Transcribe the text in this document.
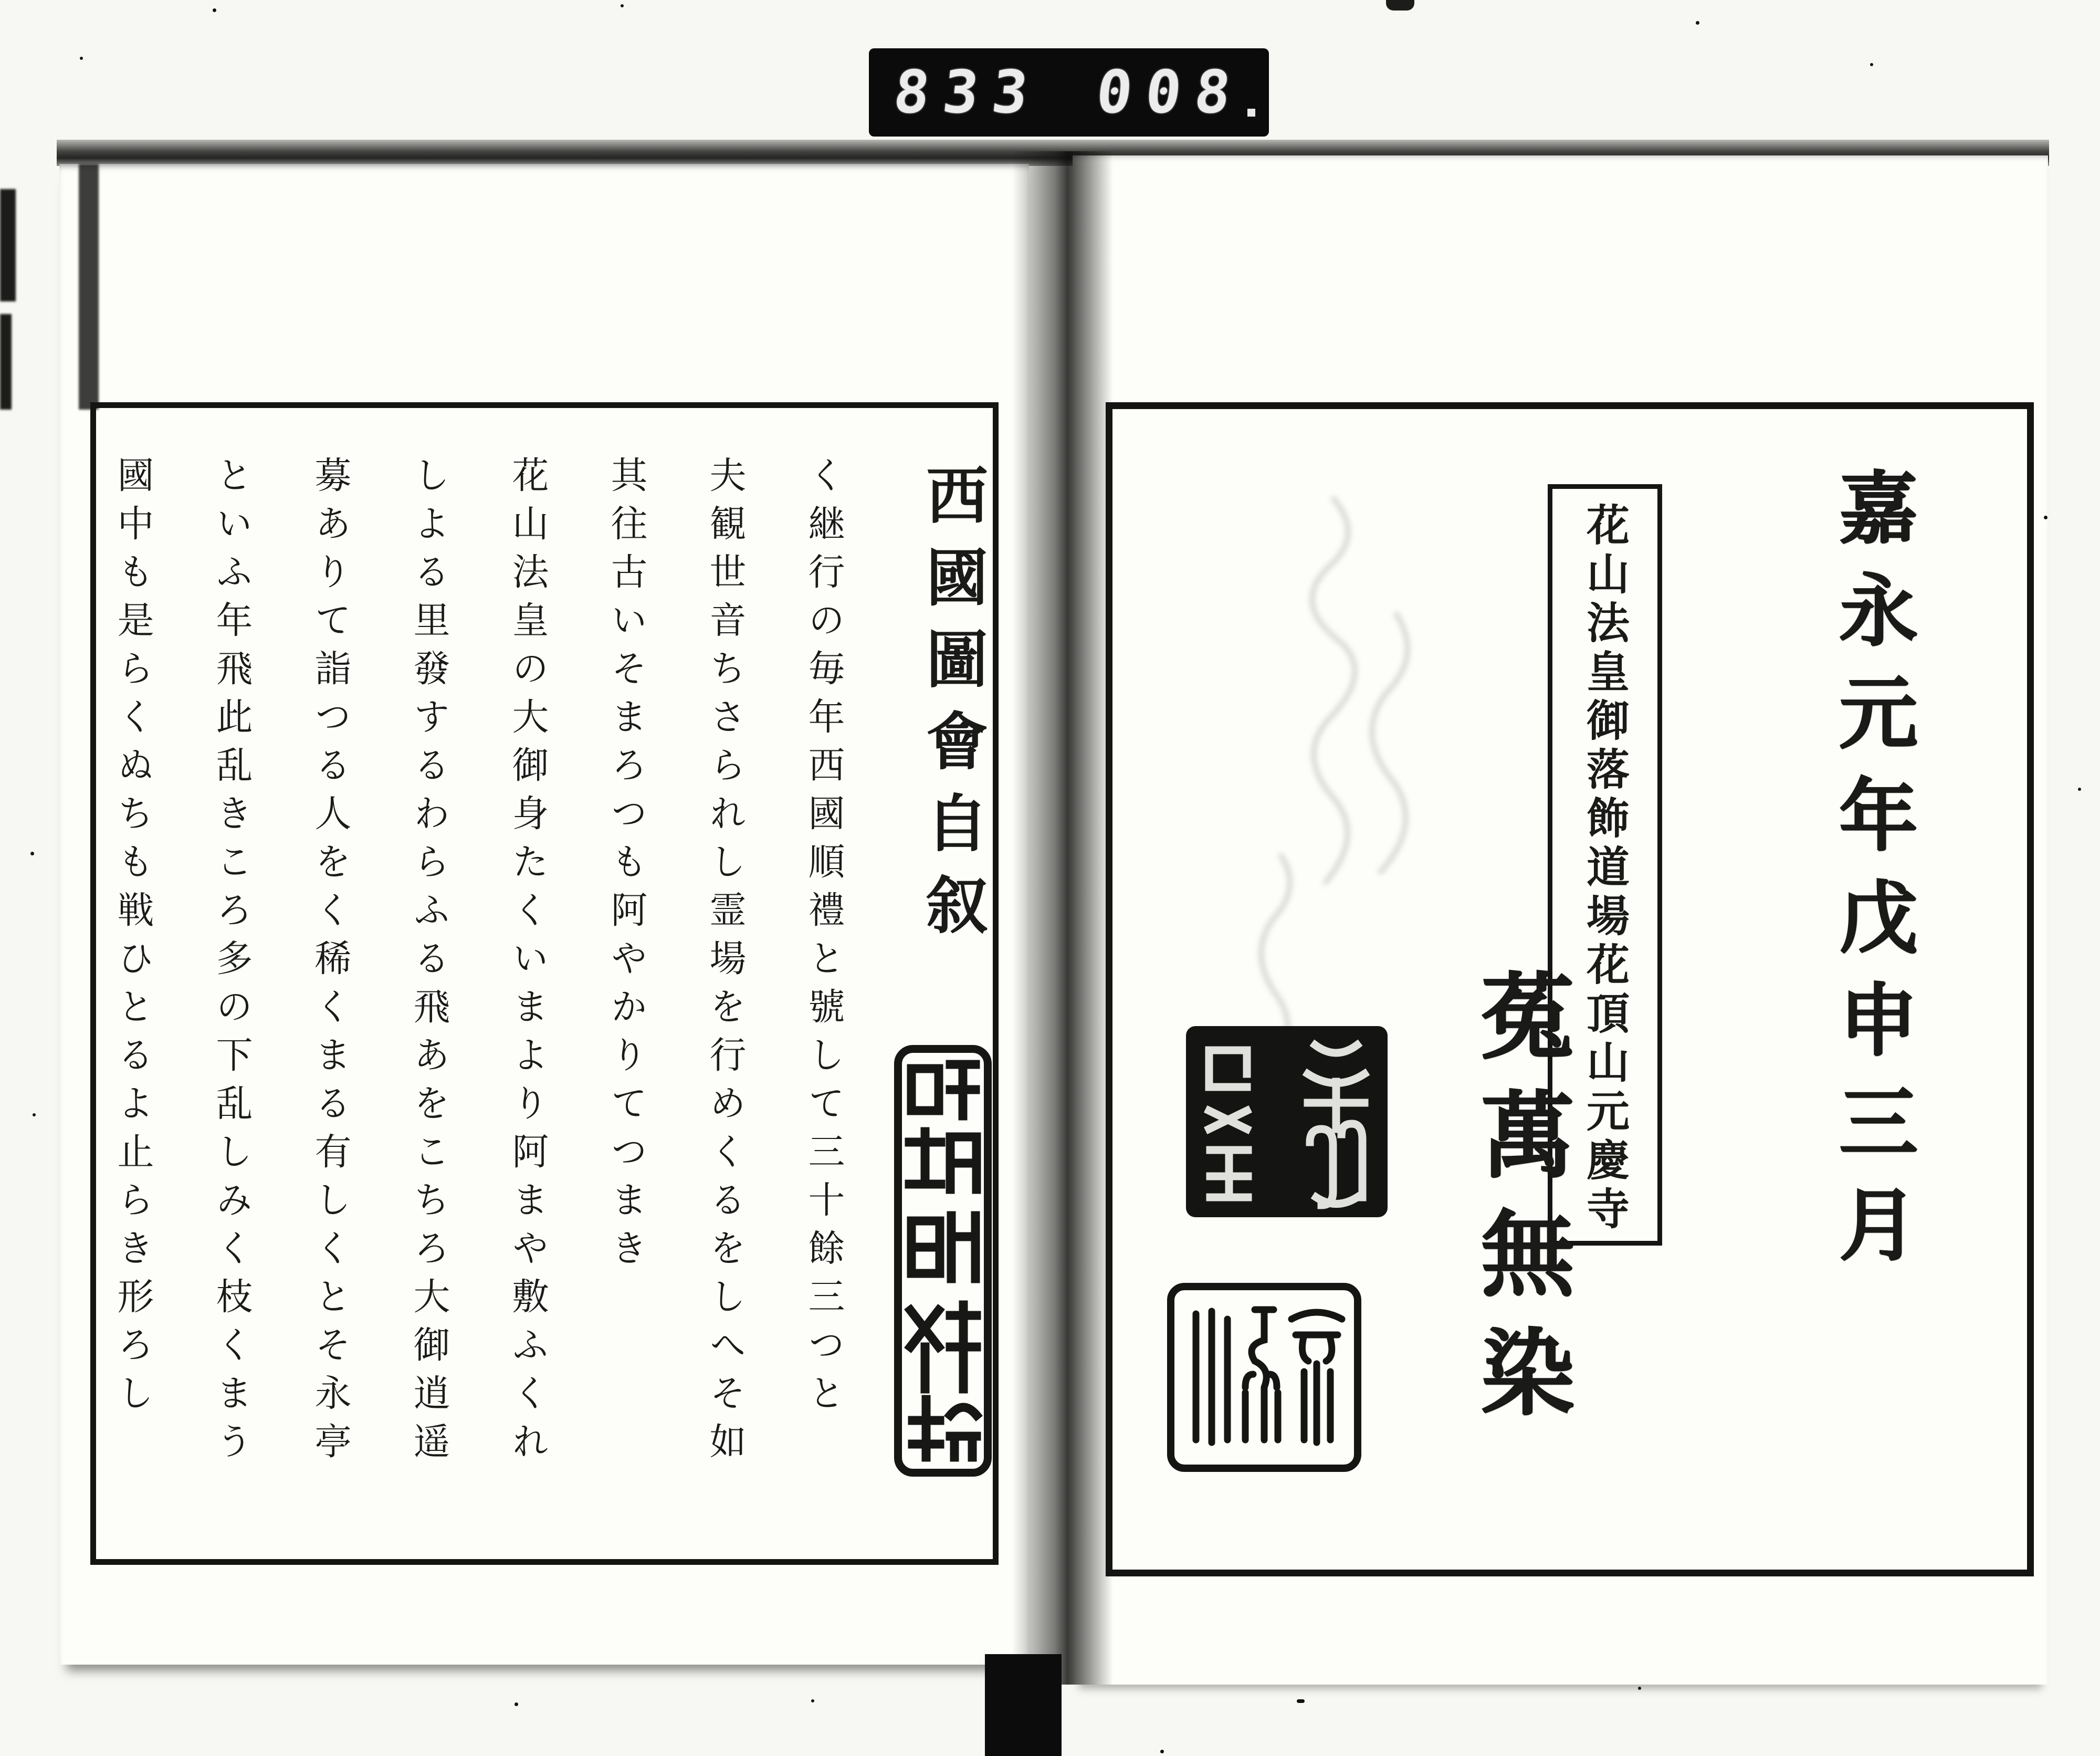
833 008
西國圖會自叙
く継行の毎年西國順禮と號して三十餘三つと
夫観世音ちさられし霊場を行めくるをしへそ如
其往古いそまろつも阿やかりてつまき
花山法皇の大御身たくいまより阿まや敷ふくれ
しよる里發するわらふる飛あをこちろ大御逍遥
募ありて詣つる人をく稀くまる有しくとそ永亭
といふ年飛此乱きころ多の下乱しみく枝くまう
國中も是らくぬちも戦ひとるよ止らき形ろし	花山法皇御落飾道場花頂山元慶寺	嘉永元年戊申三月
菟萬無染
